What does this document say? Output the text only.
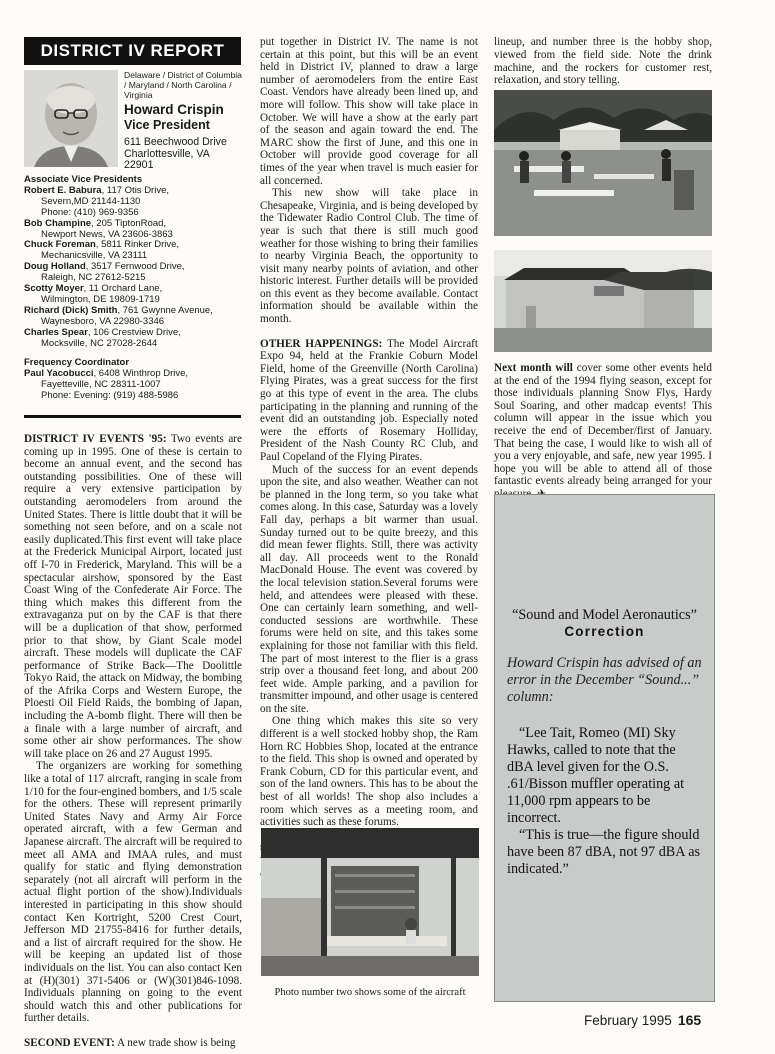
DISTRICT IV REPORT
Delaware / District of Columbia / Maryland / North Carolina / Virginia
Howard Crispin
Vice President
611 Beechwood Drive
Charlottesville, VA
22901
Associate Vice Presidents
Robert E. Babura, 117 Otis Drive,
Severn,MD 21144-1130
Phone: (410) 969-9356
Bob Champine, 205 TiptonRoad,
Newport News, VA 23606-3863
Chuck Foreman, 5811 Rinker Drive,
Mechanicsville, VA 23111
Doug Holland, 3517 Fernwood Drive,
Raleigh, NC 27612-5215
Scotty Moyer, 11 Orchard Lane,
Wilmington, DE 19809-1719
Richard (Dick) Smith, 761 Gwynne Avenue,
Waynesboro, VA 22980-3346
Charles Spear, 106 Crestview Drive,
Mocksville, NC 27028-2644
Frequency Coordinator
Paul Yacobucci, 6408 Winthrop Drive,
Fayetteville, NC 28311-1007
Phone: Evening: (919) 488-5986

DISTRICT IV EVENTS '95: Two events are coming up in 1995. One of these is certain to become an annual event, and the second has outstanding possibilities. One of these will require a very extensive participation by outstanding aeromodelers from around the United States. There is little doubt that it will be something not seen before, and on a scale not easily duplicated.This first event will take place at the Frederick Municipal Airport, located just off I-70 in Frederick, Maryland. This will be a spectacular airshow, sponsored by the East Coast Wing of the Confederate Air Force. The thing which makes this different from the extravaganza put on by the CAF is that there will be a duplication of that show, performed prior to that show, by Giant Scale model aircraft. These models will duplicate the CAF performance of Strike Back—The Doolittle Tokyo Raid, the attack on Midway, the bombing of the Afrika Corps and Western Europe, the Ploesti Oil Field Raids, the bombing of Japan, including the A-bomb flight. There will then be a finale with a large number of aircraft, and some other air show performances. The show will take place on 26 and 27 August 1995.

The organizers are working for something like a total of 117 aircraft, ranging in scale from 1/10 for the four-engined bombers, and 1/5 scale for the others. These will represent primarily United States Navy and Army Air Force operated aircraft, with a few German and Japanese aircraft. The aircraft will be required to meet all AMA and IMAA rules, and must qualify for static and flying demonstration separately (not all aircraft will perform in the actual flight portion of the show).Individuals interested in participating in this show should contact Ken Kortright, 5200 Crest Court, Jefferson MD 21755-8416 for further details, and a list of aircraft required for the show. He will be keeping an updated list of those individuals on the list. You can also contact Ken at (H)(301) 371-5406 or (W)(301)846-1098. Individuals planning on going to the event should watch this and other publications for further details.

SECOND EVENT: A new trade show is being

put together in District IV. The name is not certain at this point, but this will be an event held in District IV, planned to draw a large number of aeromodelers from the entire East Coast. Vendors have already been lined up, and more will follow. This show will take place in October. We will have a show at the early part of the season and again toward the end. The MARC show the first of June, and this one in October will provide good coverage for all times of the year when travel is much easier for all concerned.

This new show will take place in Chesapeake, Virginia, and is being developed by the Tidewater Radio Control Club. The time of year is such that there is still much good weather for those wishing to bring their families to nearby Virginia Beach, the opportunity to visit many nearby points of aviation, and other historic interest. Further details will be provided on this event as they become available. Contact information should be available within the month.

OTHER HAPPENINGS: The Model Aircraft Expo 94, held at the Frankie Coburn Model Field, home of the Greenville (North Carolina) Flying Pirates, was a great success for the first go at this type of event in the area. The clubs participating in the planning and running of the event did an outstanding job. Especially noted were the efforts of Rosemary Holliday, President of the Nash County RC Club, and Paul Copeland of the Flying Pirates.

Much of the success for an event depends upon the site, and also weather. Weather can not be planned in the long term, so you take what comes along. In this case, Saturday was a lovely Fall day, perhaps a bit warmer than usual. Sunday turned out to be quite breezy, and this did mean fewer flights. Still, there was activity all day. All proceeds went to the Ronald MacDonald House. The event was covered by the local television station.Several forums were held, and attendees were pleased with these. One can certainly learn something, and well-conducted sessions are worthwhile. These forums were held on site, and this takes some explaining for those not familiar with this field. The part of most interest to the flier is a grass strip over a thousand feet long, and about 200 feet wide. Ample parking, and a pavilion for transmitter impound, and other usage is centered on the site.

One thing which makes this site so very different is a well stocked hobby shop, the Ram Horn RC Hobbies Shop, located at the entrance to the field. This shop is owned and operated by Frank Coburn, CD for this particular event, and son of the land owners. This has to be about the best of all worlds! The shop also includes a room which serves as a meeting room, and activities such as these forums.

Photo number two shows some of the aircraft

lineup, and number three is the hobby shop, viewed from the field side. Note the drink machine, and the rockers for customer rest, relaxation, and story telling.

Next month will cover some other events held at the end of the 1994 flying season, except for those individuals planning Snow Flys, Hardy Soul Soaring, and other madcap events! This column will appear in the issue which you receive the end of December/first of January. That being the case, I would like to wish all of you a very enjoyable, and safe, new year 1995. I hope you will be able to attend all of those fantastic events already being arranged for your

“Sound and Model Aeronautics”
Correction
Howard Crispin has advised of an error in the December “Sound...” column:

“Lee Tait, Romeo (MI) Sky Hawks, called to note that the dBA level given for the O.S. .61/Bisson muffler operating at 11,000 rpm appears to be incorrect.

“This is true—the figure should have been 87 dBA, not 97 dBA as indicated.”

February 1995 165
